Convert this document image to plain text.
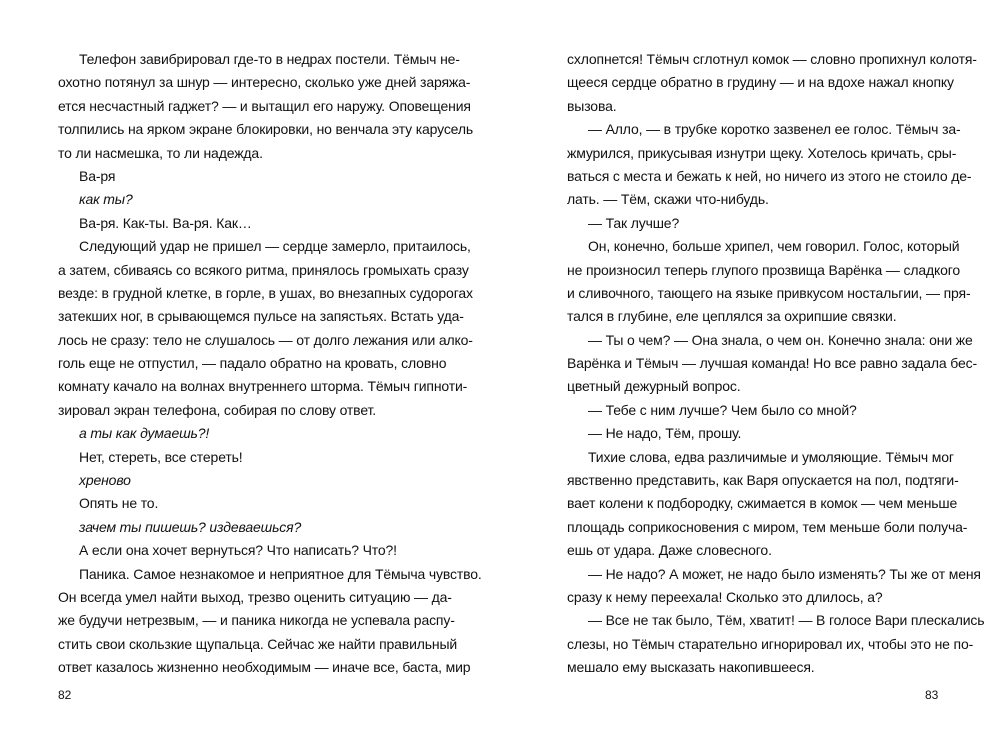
Телефон завибрировал где-то в недрах постели. Тёмыч не-
охотно потянул за шнур — интересно, сколько уже дней заряжа-
ется несчастный гаджет? — и вытащил его наружу. Оповещения
толпились на ярком экране блокировки, но венчала эту карусель
то ли насмешка, то ли надежда.
Ва-ря
как ты?
Ва-ря. Как-ты. Ва-ря. Как…
Следующий удар не пришел — сердце замерло, притаилось,
а затем, сбиваясь со всякого ритма, принялось громыхать сразу
везде: в грудной клетке, в горле, в ушах, во внезапных судорогах
затекших ног, в срывающемся пульсе на запястьях. Встать уда-
лось не сразу: тело не слушалось — от долго лежания или алко-
голь еще не отпустил, — падало обратно на кровать, словно
комнату качало на волнах внутреннего шторма. Тёмыч гипноти-
зировал экран телефона, собирая по слову ответ.
а ты как думаешь?!
Нет, стереть, все стереть!
хреново
Опять не то.
зачем ты пишешь? издеваешься?
А если она хочет вернуться? Что написать? Что?!
Паника. Самое незнакомое и неприятное для Тёмыча чувство.
Он всегда умел найти выход, трезво оценить ситуацию — да-
же будучи нетрезвым, — и паника никогда не успевала распу-
стить свои скользкие щупальца. Сейчас же найти правильный
ответ казалось жизненно необходимым — иначе все, баста, мир
схлопнется! Тёмыч сглотнул комок — словно пропихнул колотя-
щееся сердце обратно в грудину — и на вдохе нажал кнопку
вызова.
— Алло, — в трубке коротко зазвенел ее голос. Тёмыч за-
жмурился, прикусывая изнутри щеку. Хотелось кричать, сры-
ваться с места и бежать к ней, но ничего из этого не стоило де-
лать. — Тём, скажи что-нибудь.
— Так лучше?
Он, конечно, больше хрипел, чем говорил. Голос, который
не произносил теперь глупого прозвища Варёнка — сладкого
и сливочного, тающего на языке привкусом ностальгии, — пря-
тался в глубине, еле цеплялся за охрипшие связки.
— Ты о чем? — Она знала, о чем он. Конечно знала: они же
Варёнка и Тёмыч — лучшая команда! Но все равно задала бес-
цветный дежурный вопрос.
— Тебе с ним лучше? Чем было со мной?
— Не надо, Тём, прошу.
Тихие слова, едва различимые и умоляющие. Тёмыч мог
явственно представить, как Варя опускается на пол, подтяги-
вает колени к подбородку, сжимается в комок — чем меньше
площадь соприкосновения с миром, тем меньше боли получа-
ешь от удара. Даже словесного.
— Не надо? А может, не надо было изменять? Ты же от меня
сразу к нему переехала! Сколько это длилось, а?
— Все не так было, Тём, хватит! — В голосе Вари плескались
слезы, но Тёмыч старательно игнорировал их, чтобы это не по-
мешало ему высказать накопившееся.
82	83
